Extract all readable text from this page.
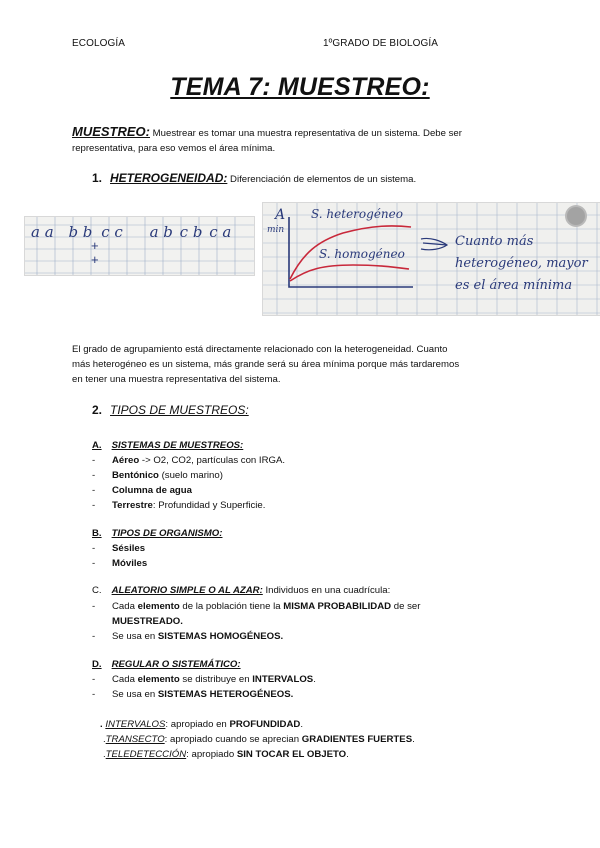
ECOLOGÍA	1ºGRADO DE BIOLOGÍA
TEMA 7: MUESTREO:
MUESTREO: Muestrear es tomar una muestra representativa de un sistema. Debe ser
representativa, para eso vemos el área mínima.
1. HETEROGENEIDAD: Diferenciación de elementos de un sistema.
a a b b c c a b c b c a
+
+
A
min
S. heterogéneo
S. homogéneo
Cuanto más
heterogéneo, mayor
es el área mínima
El grado de agrupamiento está directamente relacionado con la heterogeneidad. Cuanto
más heterogéneo es un sistema, más grande será su área mínima porque más tardaremos
en tener una muestra representativa del sistema.
2. TIPOS DE MUESTREOS:
A. SISTEMAS DE MUESTREOS:
- Aéreo -> O2, CO2, partículas con IRGA.
- Bentónico (suelo marino)
- Columna de agua
- Terrestre: Profundidad y Superficie.
B. TIPOS DE ORGANISMO:
- Sésiles
- Móviles
C. ALEATORIO SIMPLE O AL AZAR: Individuos en una cuadrícula:
- Cada elemento de la población tiene la MISMA PROBABILIDAD de ser
MUESTREADO.
- Se usa en SISTEMAS HOMOGÉNEOS.
D. REGULAR O SISTEMÁTICO:
- Cada elemento se distribuye en INTERVALOS.
- Se usa en SISTEMAS HETEROGÉNEOS.
. INTERVALOS: apropiado en PROFUNDIDAD.
.TRANSECTO: apropiado cuando se aprecian GRADIENTES FUERTES.
.TELEDETECCIÓN: apropiado SIN TOCAR EL OBJETO.
